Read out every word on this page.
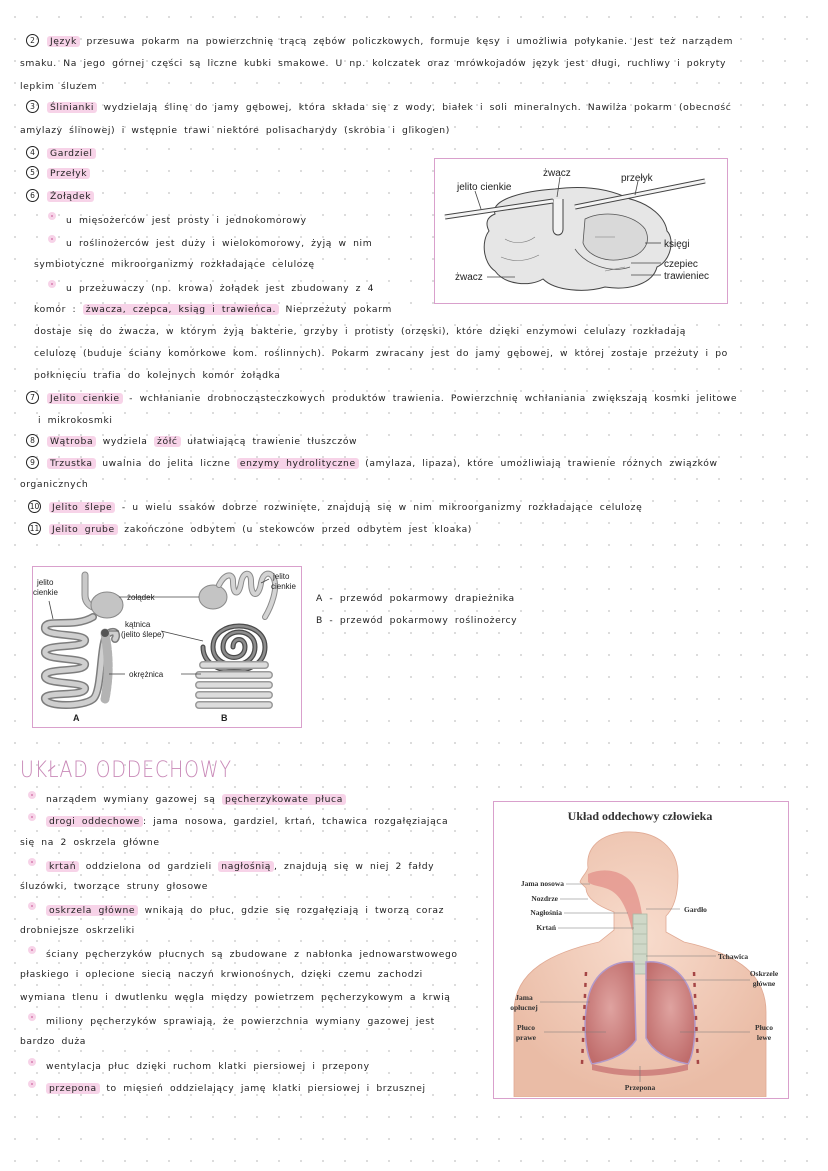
2 Język przesuwa pokarm na powierzchnię trącą zębów policzkowych, formuje kęsy i umożliwia połykanie. Jest też narządem
smaku. Na jego górnej części są liczne kubki smakowe. U np. kolczatek oraz mrówkojadów język jest długi, ruchliwy i pokryty
lepkim śluzem
3 Ślinianki wydzielają ślinę do jamy gębowej, która składa się z wody, białek i soli mineralnych. Nawilża pokarm (obecność
amylazy ślinowej) i wstępnie trawi niektóre polisacharydy (skrobia i glikogen)
4 Gardziel
5 Przełyk
6 Żołądek
u mięsożerców jest prosty i jednokomorowy
u roślinożerców jest duży i wielokomorowy, żyją w nim
symbiotyczne mikroorganizmy rozkładające celulozę
u przeżuwaczy (np. krowa) żołądek jest zbudowany z 4
komór : żwacza, czepca, ksiąg i trawieńca. Nieprzeżuty pokarm
dostaje się do żwacza, w którym żyją bakterie, grzyby i protisty (orzęski), które dzięki enzymowi celulazy rozkładają
celulozę (buduje ściany komórkowe kom. roślinnych). Pokarm zwracany jest do jamy gębowej, w której zostaje przeżuty i po
połknięciu trafia do kolejnych komór żołądka
żwacz	przełyk
jelito cienkie
księgi
czepiec
trawieniec
żwacz
7 Jelito cienkie - wchłanianie drobnocząsteczkowych produktów trawienia. Powierzchnię wchłaniania zwiększają kosmki jelitowe
i mikrokosmki
8 Wątroba wydziela żółć ułatwiającą trawienie tłuszczów
9 Trzustka uwalnia do jelita liczne enzymy hydrolityczne (amylaza, lipaza), które umożliwiają trawienie różnych związków
organicznych
10 Jelito ślepe - u wielu ssaków dobrze rozwinięte, znajdują się w nim mikroorganizmy rozkładające celulozę
11 Jelito grube zakończone odbytem (u stekowców przed odbytem jest kloaka)
jelito
cienkie
żołądek
kątnica
(jelito ślepe)
okrężnica
jelito
cienkie
A	B
A - przewód pokarmowy drapieżnika
B - przewód pokarmowy roślinożercy
UKŁAD ODDECHOWY
narządem wymiany gazowej są pęcherzykowate płuca
drogi oddechowe : jama nosowa, gardziel, krtań, tchawica rozgałęziająca
się na 2 oskrzela główne
krtań oddzielona od gardzieli nagłośnią , znajdują się w niej 2 fałdy
śluzówki, tworzące struny głosowe
oskrzela główne wnikają do płuc, gdzie się rozgałęziają i tworzą coraz
drobniejsze oskrzeliki
ściany pęcherzyków płucnych są zbudowane z nabłonka jednowarstwowego
płaskiego i oplecione siecią naczyń krwionośnych, dzięki czemu zachodzi
wymiana tlenu i dwutlenku węgla między powietrzem pęcherzykowym a krwią
miliony pęcherzyków sprawiają, że powierzchnia wymiany gazowej jest
bardzo duża
wentylacja płuc dzięki ruchom klatki piersiowej i przepony
przepona to mięsień oddzielający jamę klatki piersiowej i brzusznej
Układ oddechowy człowieka
Jama nosowa
Nozdrze
Nagłośnia
Krtań
Gardło
Tchawica
Oskrzele
główne
Jama
opłucnej
Płuco
prawe
Płuco
lewe
Przepona
